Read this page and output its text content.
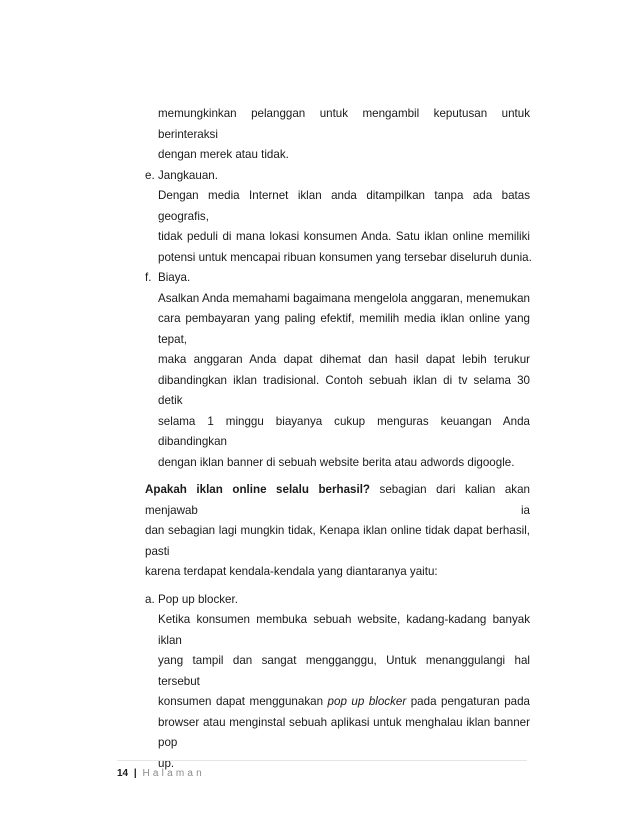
memungkinkan pelanggan untuk mengambil keputusan untuk berinteraksi
dengan merek atau tidak.
e. Jangkauan.
Dengan media Internet iklan anda ditampilkan tanpa ada batas geografis,
tidak peduli di mana lokasi konsumen Anda. Satu iklan online memiliki
potensi untuk mencapai ribuan konsumen yang tersebar diseluruh dunia.
f. Biaya.
Asalkan Anda memahami bagaimana mengelola anggaran, menemukan
cara pembayaran yang paling efektif, memilih media iklan online yang tepat,
maka anggaran Anda dapat dihemat dan hasil dapat lebih terukur
dibandingkan iklan tradisional. Contoh sebuah iklan di tv selama 30 detik
selama 1 minggu biayanya cukup menguras keuangan Anda dibandingkan
dengan iklan banner di sebuah website berita atau adwords digoogle.
Apakah iklan online selalu berhasil? sebagian dari kalian akan menjawab ia
dan sebagian lagi mungkin tidak, Kenapa iklan online tidak dapat berhasil, pasti
karena terdapat kendala-kendala yang diantaranya yaitu:
a. Pop up blocker.
Ketika konsumen membuka sebuah website, kadang-kadang banyak iklan
yang tampil dan sangat mengganggu, Untuk menanggulangi hal tersebut
konsumen dapat menggunakan pop up blocker pada pengaturan pada
browser atau menginstal sebuah aplikasi untuk menghalau iklan banner pop
up.
14 | Halaman
